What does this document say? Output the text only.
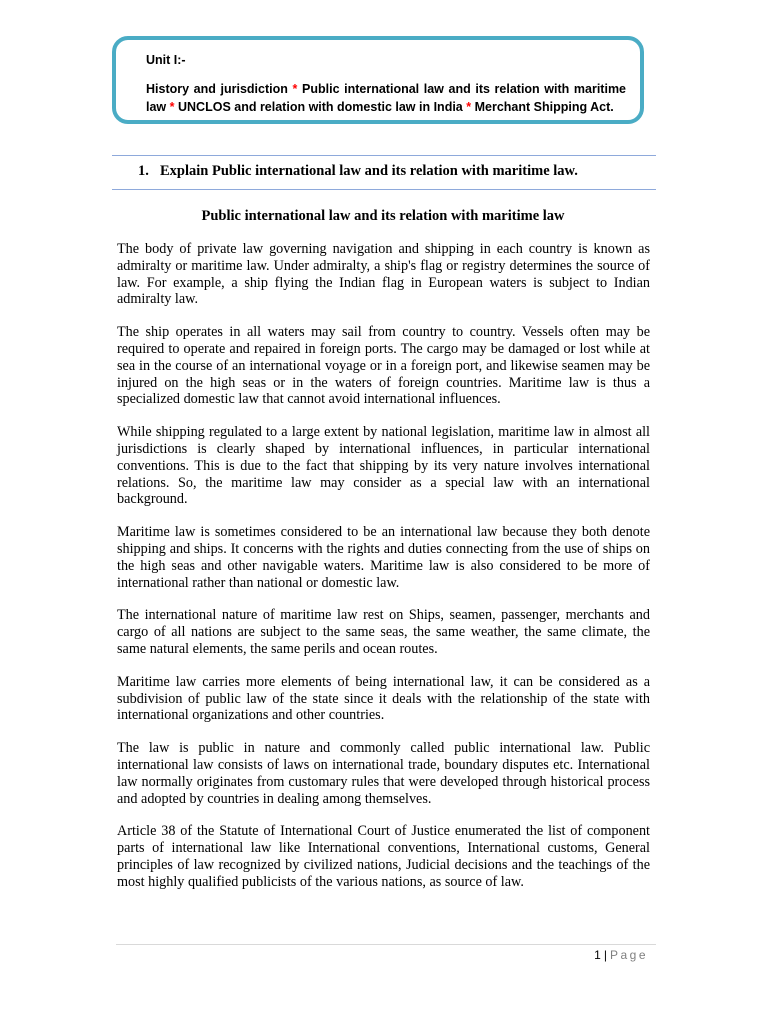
Unit I:-

History and jurisdiction * Public international law and its relation with maritime law * UNCLOS and relation with domestic law in India * Merchant Shipping Act.

1. Explain Public international law and its relation with maritime law.

Public international law and its relation with maritime law

The body of private law governing navigation and shipping in each country is known as admiralty or maritime law. Under admiralty, a ship's flag or registry determines the source of law. For example, a ship flying the Indian flag in European waters is subject to Indian admiralty law.

The ship operates in all waters may sail from country to country. Vessels often may be required to operate and repaired in foreign ports. The cargo may be damaged or lost while at sea in the course of an international voyage or in a foreign port, and likewise seamen may be injured on the high seas or in the waters of foreign countries. Maritime law is thus a specialized domestic law that cannot avoid international influences.

While shipping regulated to a large extent by national legislation, maritime law in almost all jurisdictions is clearly shaped by international influences, in particular international conventions. This is due to the fact that shipping by its very nature involves international relations. So, the maritime law may consider as a special law with an international background.

Maritime law is sometimes considered to be an international law because they both denote shipping and ships. It concerns with the rights and duties connecting from the use of ships on the high seas and other navigable waters. Maritime law is also considered to be more of international rather than national or domestic law.

The international nature of maritime law rest on Ships, seamen, passenger, merchants and cargo of all nations are subject to the same seas, the same weather, the same climate, the same natural elements, the same perils and ocean routes.

Maritime law carries more elements of being international law, it can be considered as a subdivision of public law of the state since it deals with the relationship of the state with international organizations and other countries.

The law is public in nature and commonly called public international law. Public international law consists of laws on international trade, boundary disputes etc. International law normally originates from customary rules that were developed through historical process and adopted by countries in dealing among themselves.

Article 38 of the Statute of International Court of Justice enumerated the list of component parts of international law like International conventions, International customs, General principles of law recognized by civilized nations, Judicial decisions and the teachings of the most highly qualified publicists of the various nations, as source of law.

1 | Page
